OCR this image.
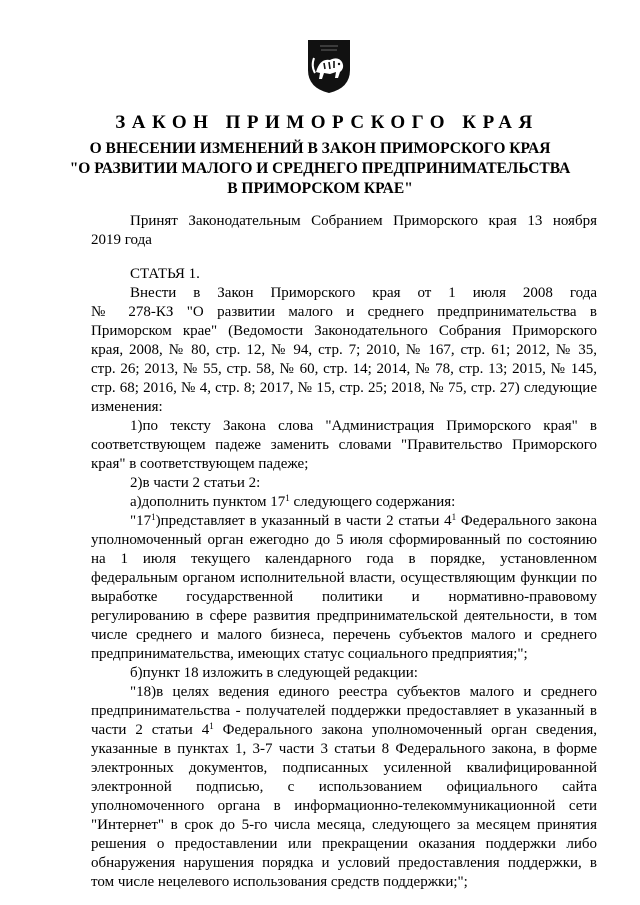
ЗАКОН ПРИМОРСКОГО КРАЯ
О ВНЕСЕНИИ ИЗМЕНЕНИЙ В ЗАКОН ПРИМОРСКОГО КРАЯ
"О РАЗВИТИИ МАЛОГО И СРЕДНЕГО ПРЕДПРИНИМАТЕЛЬСТВА
В ПРИМОРСКОМ КРАЕ"

Принят Законодательным Собранием Приморского края 13 ноября

2019 года

СТАТЬЯ 1.

Внести в Закон Приморского края от 1 июля 2008 года

№ 278-КЗ "О развитии малого и среднего предпринимательства в

Приморском крае" (Ведомости Законодательного Собрания Приморского

края, 2008, № 80, стр. 12, № 94, стр. 7; 2010, № 167, стр. 61; 2012, № 35,

стр. 26; 2013, № 55, стр. 58, № 60, стр. 14; 2014, № 78, стр. 13; 2015, № 145,

стр. 68; 2016, № 4, стр. 8; 2017, № 15, стр. 25; 2018, № 75, стр. 27) следующие

изменения:

1)по тексту Закона слова "Администрация Приморского края" в

соответствующем падеже заменить словами "Правительство Приморского

края" в соответствующем падеже;

2)в части 2 статьи 2:

а)дополнить пунктом $17^1$ следующего содержания:

"$17^1)представляет$ в указанный в части 2 статьи $4^1$ Федерального закона

уполномоченный орган ежегодно до 5 июля сформированный по состоянию

на 1 июля текущего календарного года в порядке, установленном

федеральным органом исполнительной власти, осуществляющим функции по

выработке государственной политики и нормативно-правовому

регулированию в сфере развития предпринимательской деятельности, в том

числе среднего и малого бизнеса, перечень субъектов малого и среднего

предпринимательства, имеющих статус социального предприятия;";

б)пункт 18 изложить в следующей редакции:

"18)в целях ведения единого реестра субъектов малого и среднего

предпринимательства - получателей поддержки предоставляет в указанный в

части 2 статьи $4^1$ Федерального закона уполномоченный орган сведения,

указанные в пунктах 1, 3-7 части 3 статьи 8 Федерального закона, в форме

электронных документов, подписанных усиленной квалифицированной

электронной подписью, с использованием официального сайта

уполномоченного органа в информационно-телекоммуникационной сети

"Интернет" в срок до 5-го числа месяца, следующего за месяцем принятия

решения о предоставлении или прекращении оказания поддержки либо

обнаружения нарушения порядка и условий предоставления поддержки, в

том числе нецелевого использования средств поддержки;";
